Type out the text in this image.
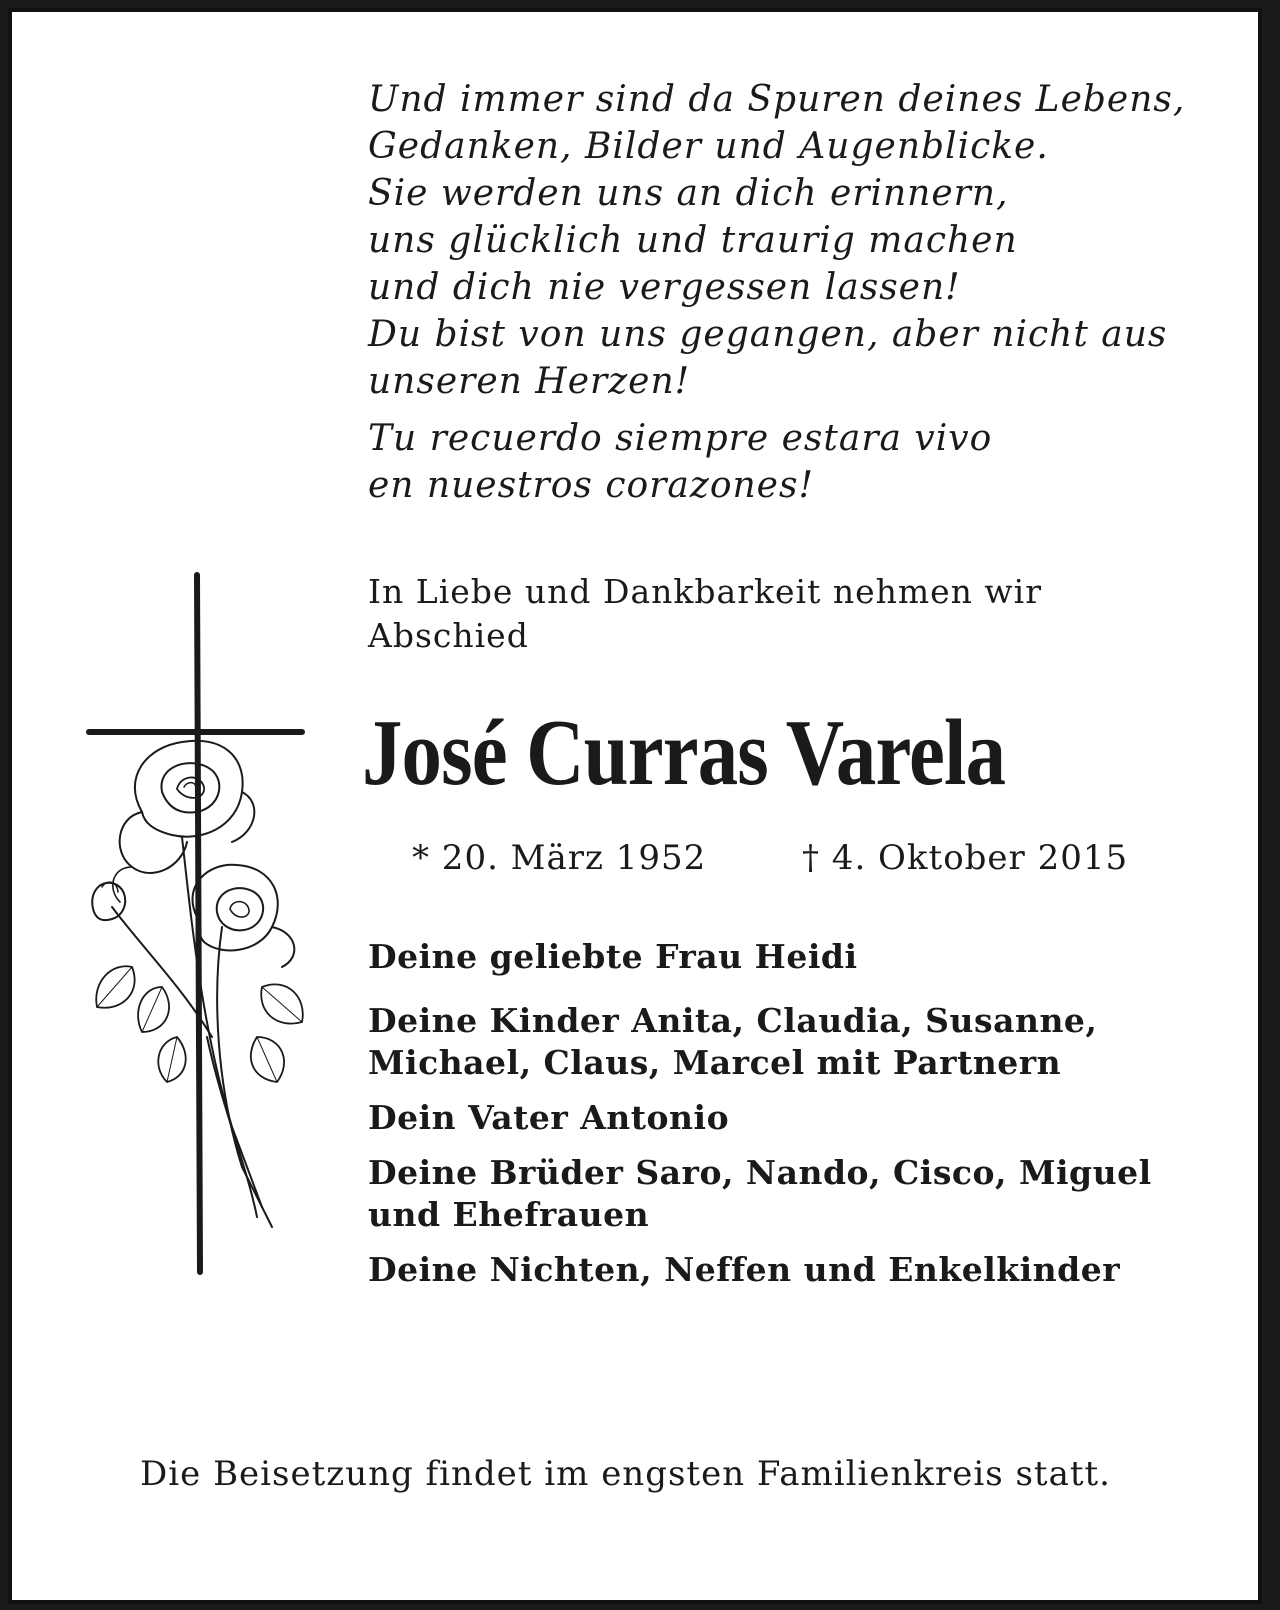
Und immer sind da Spuren deines Lebens,

Gedanken, Bilder und Augenblicke.

Sie werden uns an dich erinnern,

uns glücklich und traurig machen

und dich nie vergessen lassen!

Du bist von uns gegangen, aber nicht aus

unseren Herzen!

Tu recuerdo siempre estara vivo

en nuestros corazones!

In Liebe und Dankbarkeit nehmen wir
Abschied
José Curras Varela
* 20. März 1952	† 4. Oktober 2015

Deine geliebte Frau Heidi

Deine Kinder Anita, Claudia, Susanne,
Michael, Claus, Marcel mit Partnern

Dein Vater Antonio

Deine Brüder Saro, Nando, Cisco, Miguel
und Ehefrauen

Deine Nichten, Neffen und Enkelkinder

Die Beisetzung findet im engsten Familienkreis statt.
